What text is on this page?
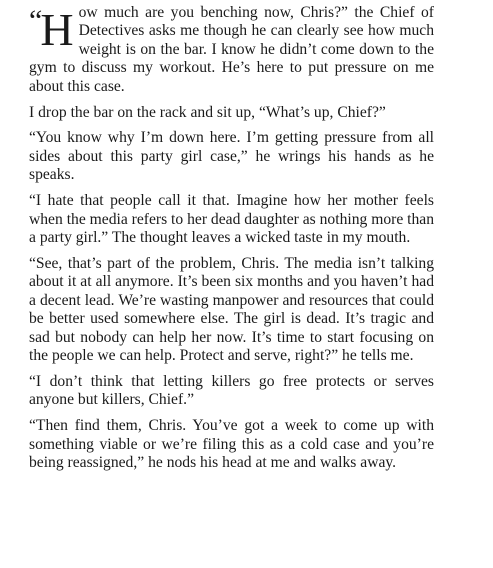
“H ow much are you benching now, Chris?” the Chief of Detectives asks me though he can clearly see how much weight is on the bar. I know he didn’t come down to the gym to discuss my workout. He’s here to put pressure on me about this case.

I drop the bar on the rack and sit up, “What’s up, Chief?”

“You know why I’m down here. I’m getting pressure from all sides about this party girl case,” he wrings his hands as he speaks.

“I hate that people call it that. Imagine how her mother feels when the media refers to her dead daughter as nothing more than a party girl.” The thought leaves a wicked taste in my mouth.

“See, that’s part of the problem, Chris. The media isn’t talking about it at all anymore. It’s been six months and you haven’t had a decent lead. We’re wasting manpower and resources that could be better used somewhere else. The girl is dead. It’s tragic and sad but nobody can help her now. It’s time to start focusing on the people we can help. Protect and serve, right?” he tells me.

“I don’t think that letting killers go free protects or serves anyone but killers, Chief.”

“Then find them, Chris. You’ve got a week to come up with something viable or we’re filing this as a cold case and you’re being reassigned,” he nods his head at me and walks away.
